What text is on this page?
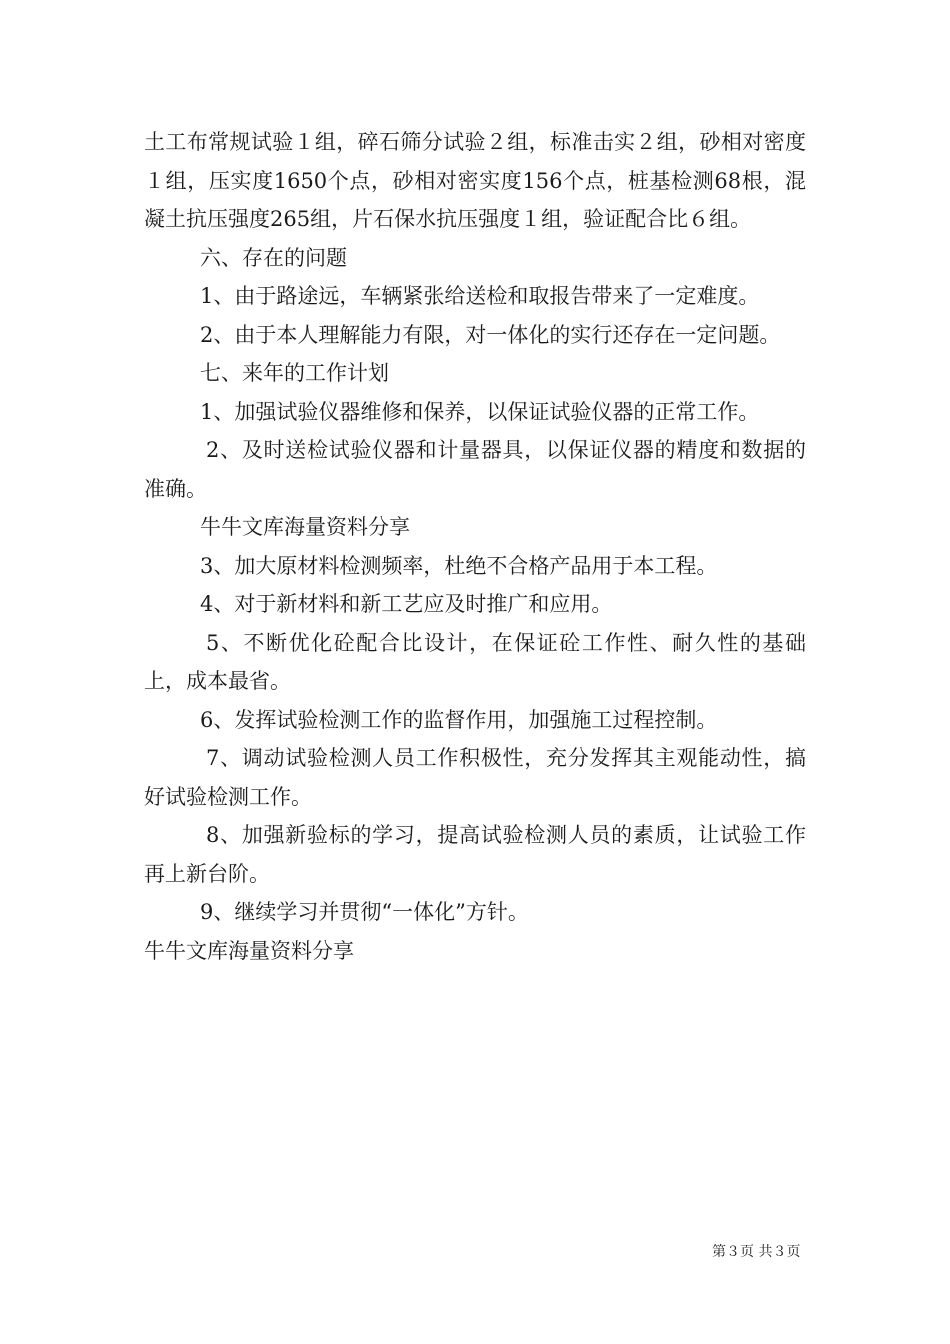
土工布常规试验１组，碎石筛分试验２组，标准击实２组，砂相对密度１组，压实度1650个点，砂相对密实度156个点，桩基检测68根，混凝土抗压强度265组，片石保水抗压强度１组，验证配合比６组。

六、存在的问题

1、由于路途远，车辆紧张给送检和取报告带来了一定难度。

2、由于本人理解能力有限，对一体化的实行还存在一定问题。

七、来年的工作计划

1、加强试验仪器维修和保养，以保证试验仪器的正常工作。

2、及时送检试验仪器和计量器具，以保证仪器的精度和数据的准确。

牛牛文库海量资料分享

3、加大原材料检测频率，杜绝不合格产品用于本工程。

4、对于新材料和新工艺应及时推广和应用。

5、不断优化砼配合比设计，在保证砼工作性、耐久性的基础上，成本最省。

6、发挥试验检测工作的监督作用，加强施工过程控制。

7、调动试验检测人员工作积极性，充分发挥其主观能动性，搞好试验检测工作。

8、加强新验标的学习，提高试验检测人员的素质，让试验工作再上新台阶。

9、继续学习并贯彻“一体化”方针。

牛牛文库海量资料分享

第３页 共３页
